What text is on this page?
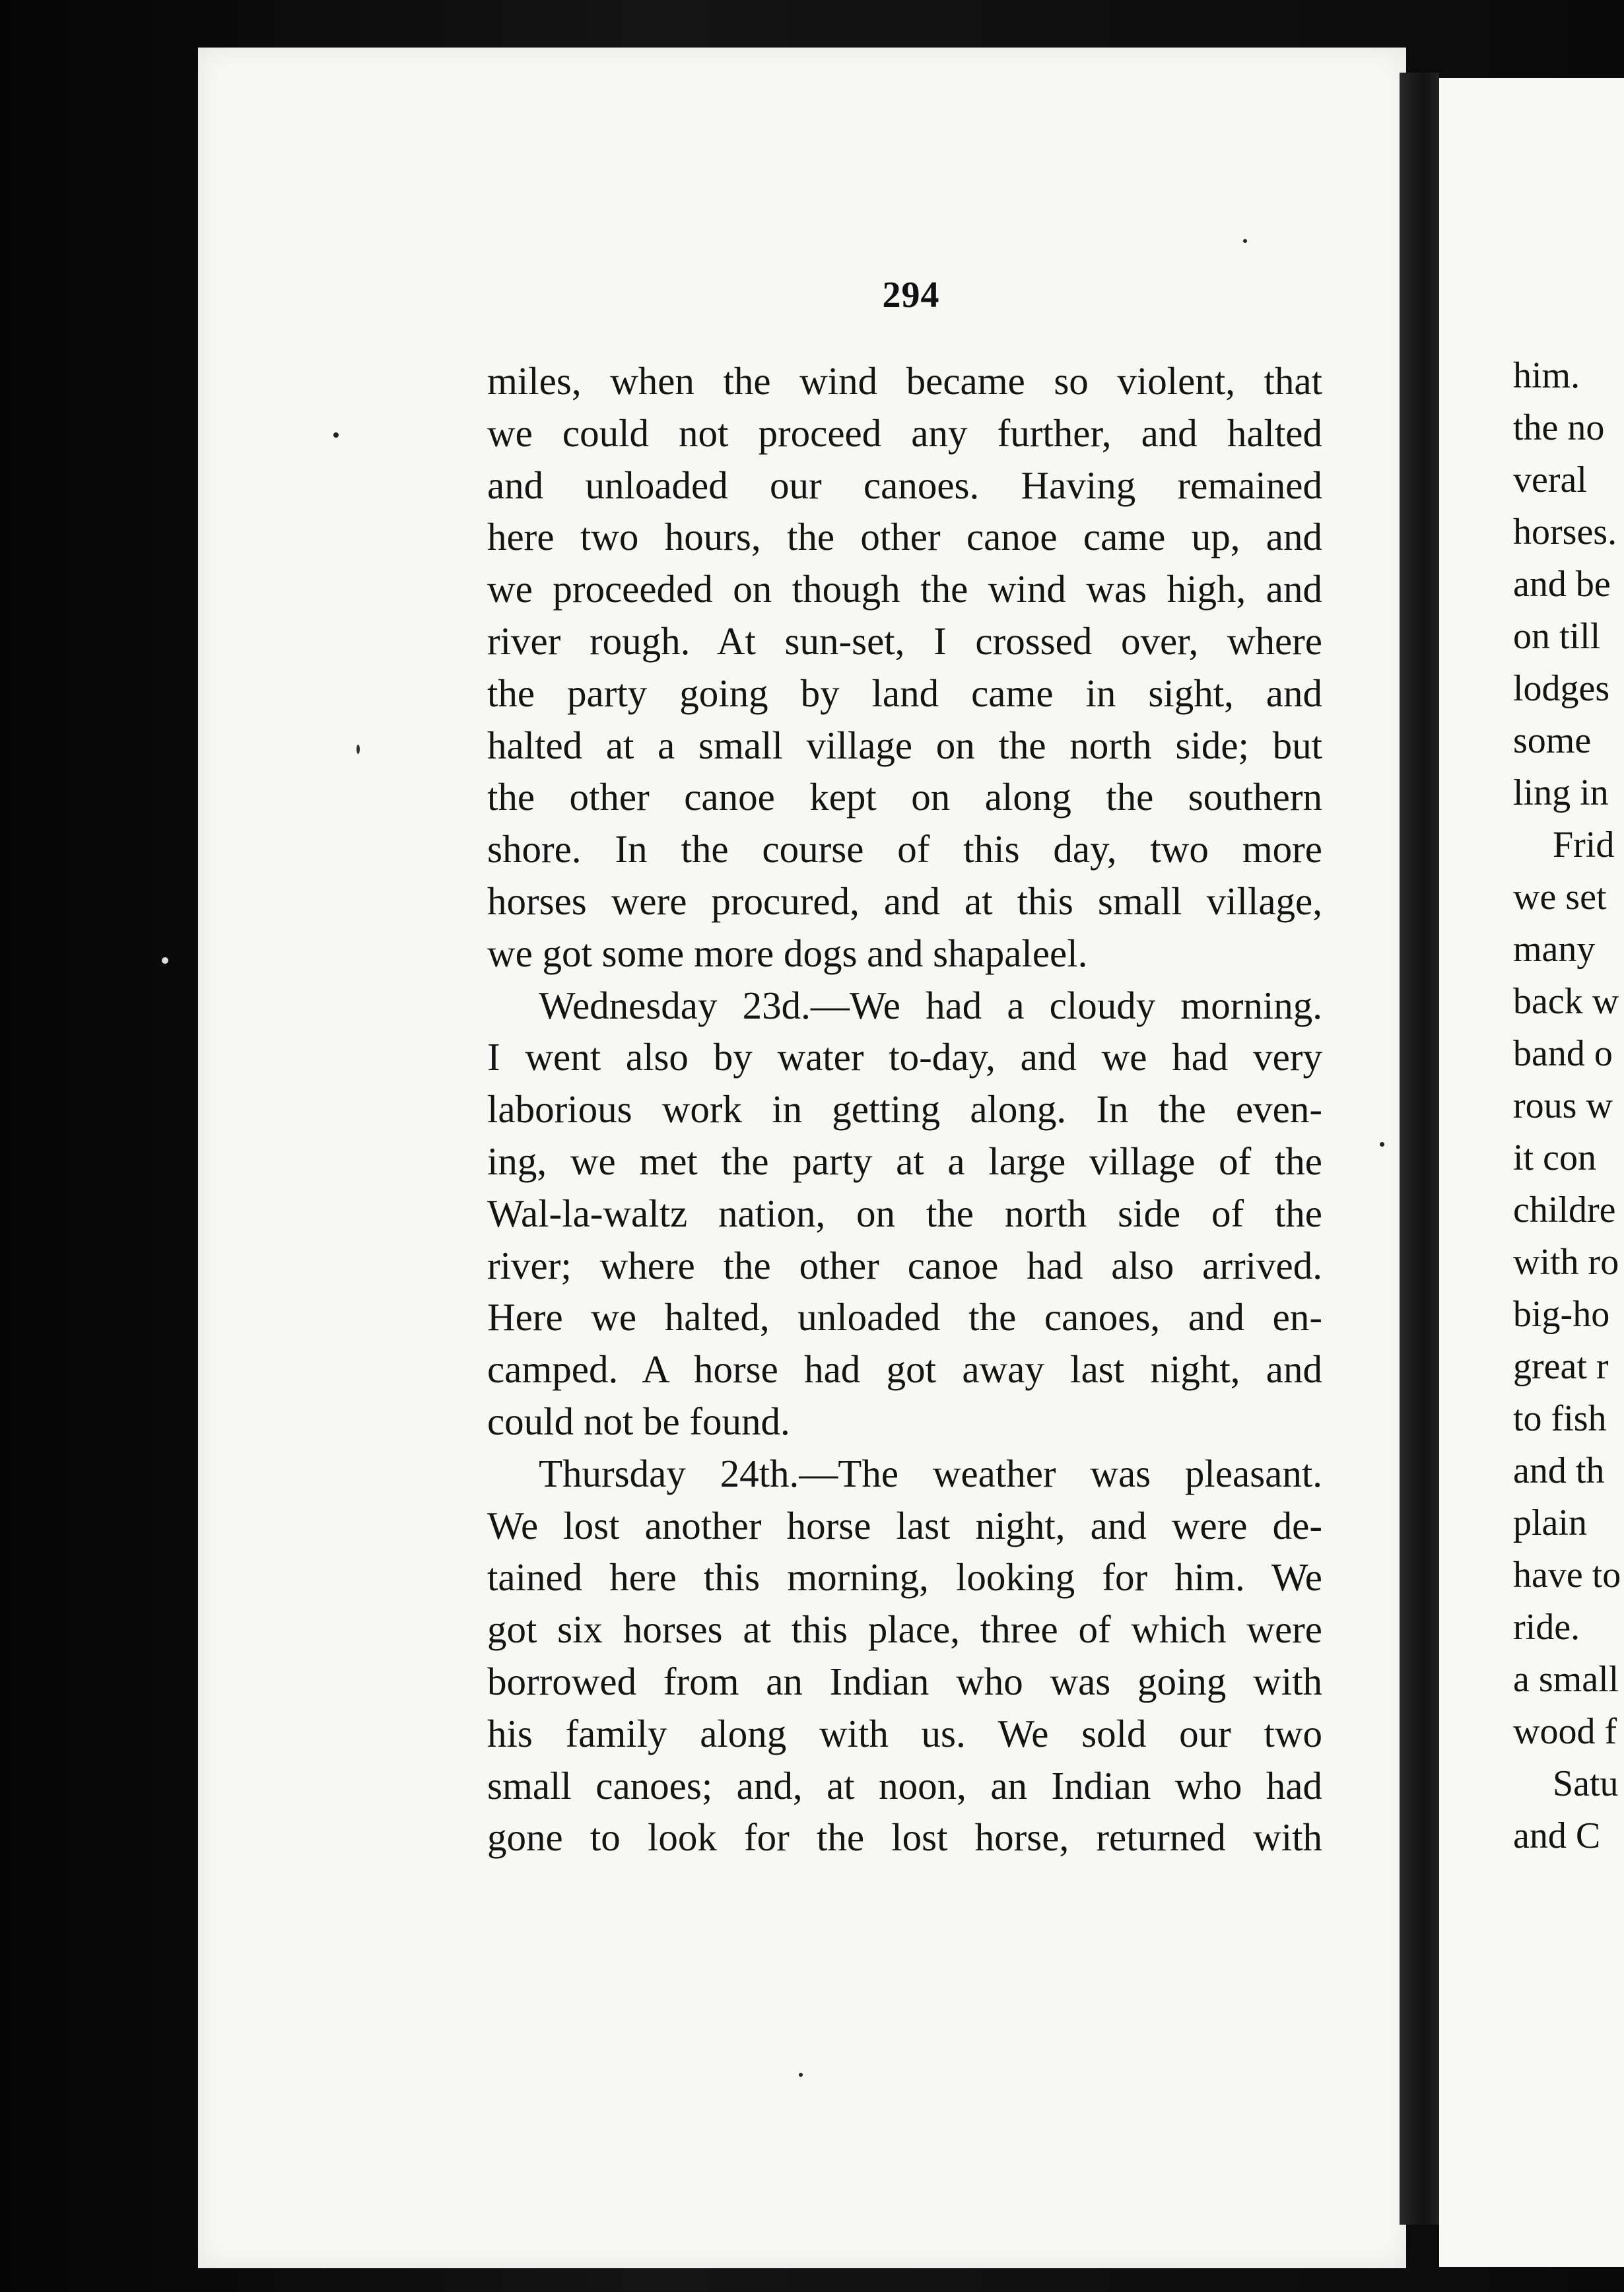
294
miles, when the wind became so violent, that
we could not proceed any further, and halted
and unloaded our canoes. Having remained
here two hours, the other canoe came up, and
we proceeded on though the wind was high, and
river rough. At sun-set, I crossed over, where
the party going by land came in sight, and
halted at a small village on the north side; but
the other canoe kept on along the southern
shore. In the course of this day, two more
horses were procured, and at this small village,
we got some more dogs and shapaleel.
Wednesday 23d.—We had a cloudy morning.
I went also by water to-day, and we had very
laborious work in getting along. In the even-
ing, we met the party at a large village of the
Wal-la-waltz nation, on the north side of the
river; where the other canoe had also arrived.
Here we halted, unloaded the canoes, and en-
camped. A horse had got away last night, and
could not be found.
Thursday 24th.—The weather was pleasant.
We lost another horse last night, and were de-
tained here this morning, looking for him. We
got six horses at this place, three of which were
borrowed from an Indian who was going with
his family along with us. We sold our two
small canoes; and, at noon, an Indian who had
gone to look for the lost horse, returned with
him.
the no
veral
horses.
and be
on till
lodges
some
ling in
Frid
we set
many
back w
band o
rous w
it con
childre
with ro
big-ho
great r
to fish
and th
plain
have to
ride.
a small
wood f
Satu
and C
